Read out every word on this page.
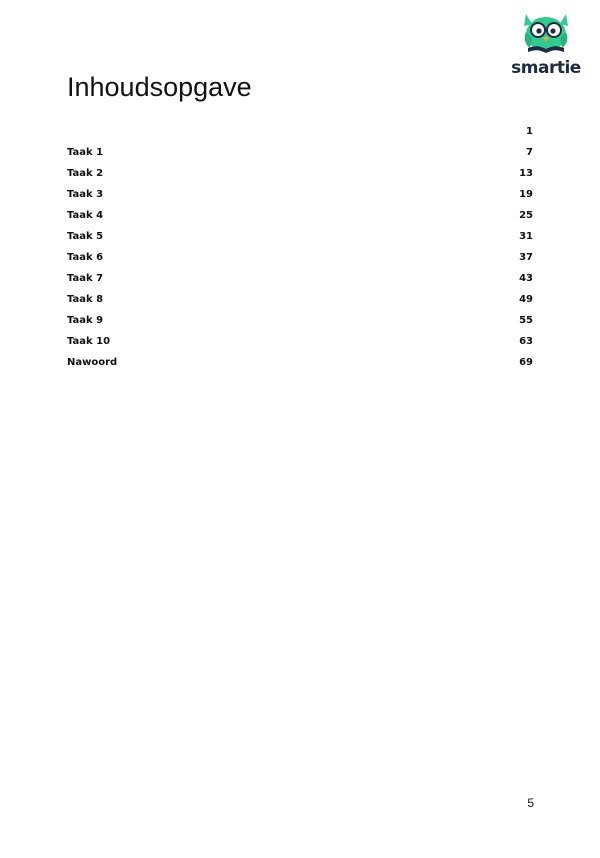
smartie
Inhoudsopgave
1
Taak 1	7
Taak 2	13
Taak 3	19
Taak 4	25
Taak 5	31
Taak 6	37
Taak 7	43
Taak 8	49
Taak 9	55
Taak 10	63
Nawoord	69
5
